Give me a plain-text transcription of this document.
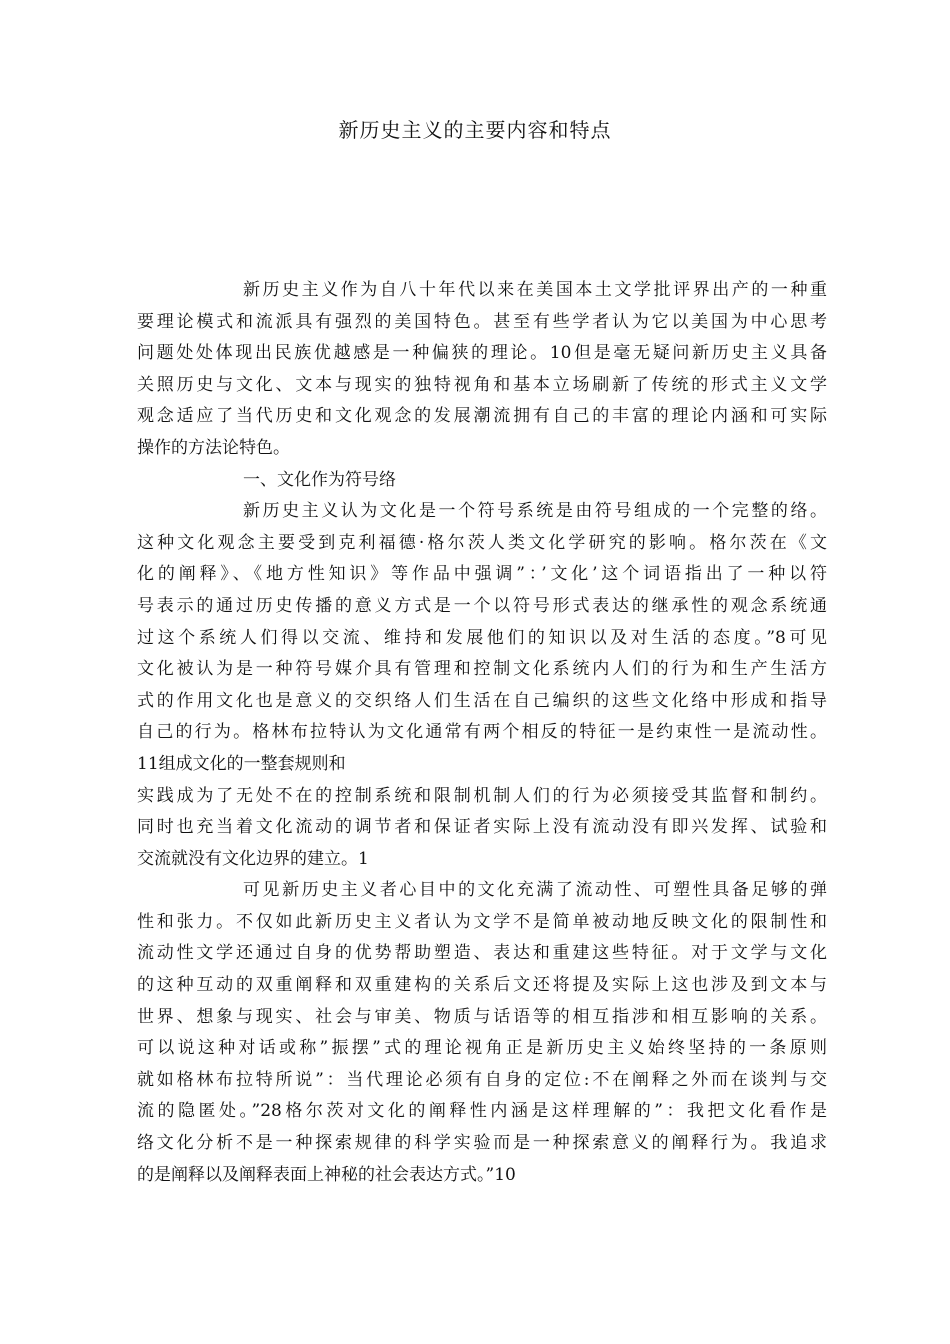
新历史主义的主要内容和特点
新历史主义作为自八十年代以来在美国本土文学批评界出产的一种重
要理论模式和流派具有强烈的美国特色。甚至有些学者认为它以美国为中心思考
问题处处体现出民族优越感是一种偏狭的理论。10但是毫无疑问新历史主义具备
关照历史与文化、文本与现实的独特视角和基本立场刷新了传统的形式主义文学
观念适应了当代历史和文化观念的发展潮流拥有自己的丰富的理论内涵和可实际
操作的方法论特色。
一、文化作为符号络
新历史主义认为文化是一个符号系统是由符号组成的一个完整的络。
这种文化观念主要受到克利福德·格尔茨人类文化学研究的影响。格尔茨在《文
化的阐释》、《地方性知识》等作品中强调”：’文化’这个词语指出了一种以符
号表示的通过历史传播的意义方式是一个以符号形式表达的继承性的观念系统通
过这个系统人们得以交流、维持和发展他们的知识以及对生活的态度。”8可见
文化被认为是一种符号媒介具有管理和控制文化系统内人们的行为和生产生活方
式的作用文化也是意义的交织络人们生活在自己编织的这些文化络中形成和指导
自己的行为。格林布拉特认为文化通常有两个相反的特征一是约束性一是流动性。
11组成文化的一整套规则和
实践成为了无处不在的控制系统和限制机制人们的行为必须接受其监督和制约。
同时也充当着文化流动的调节者和保证者实际上没有流动没有即兴发挥、试验和
交流就没有文化边界的建立。1
可见新历史主义者心目中的文化充满了流动性、可塑性具备足够的弹
性和张力。不仅如此新历史主义者认为文学不是简单被动地反映文化的限制性和
流动性文学还通过自身的优势帮助塑造、表达和重建这些特征。对于文学与文化
的这种互动的双重阐释和双重建构的关系后文还将提及实际上这也涉及到文本与
世界、想象与现实、社会与审美、物质与话语等的相互指涉和相互影响的关系。
可以说这种对话或称”振摆”式的理论视角正是新历史主义始终坚持的一条原则
就如格林布拉特所说”：当代理论必须有自身的定位:不在阐释之外而在谈判与交
流的隐匿处。”28格尔茨对文化的阐释性内涵是这样理解的”：我把文化看作是
络文化分析不是一种探索规律的科学实验而是一种探索意义的阐释行为。我追求
的是阐释以及阐释表面上神秘的社会表达方式。”10
